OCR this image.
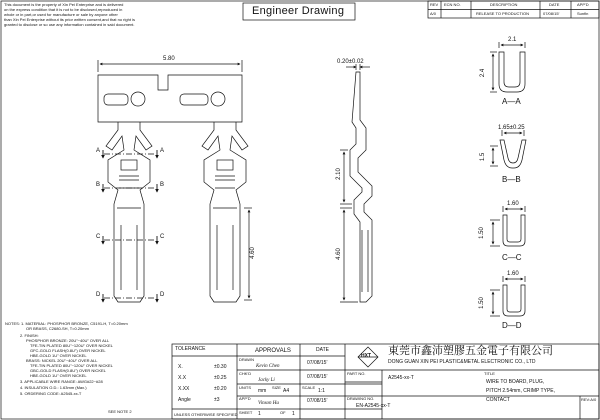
This document is the property of Xin Pei Enterprise and is delivered
on the express condition that it is not to be disclosed,reproduced in
whole or in part,or used for manufacture or sale by anyone other
than Xin Pei Enterprise without its prior written consent,and that no right is
granted to disclose or so use any information contained in said document.
Engineer Drawing
REV ECN NO.	DESCRIPTION	DATE	APP'D
A/0	RELEASE TO PRODUCTION	07/08/15'	Sunfin
5.80	0.20±0.02
2.10
4.60
4.60
A	A
B	B
C	C
D	D
2.1
2.4
A—A
1.65±0.25
1.5
B—B
1.60
1.50
C—C
1.60
1.50
D—D
NOTES: 1. MATERIAL: PHOSPHOR BRONZE, C5191-H, T=0.20mm
OR BRASS, C2680-SH, T=0.20mm
2. FINISH:
PHOSPHOR BRONZE: 20U"~40U" OVER ALL
TFE-TIN PLATED 80U"~120U" OVER NICKEL
GFC-GOLD FLASH(0.8U") OVER NICKEL
HBE-GOLD 1U" OVER NICKEL
BRASS: NICKEL 20U"~40U" OVER ALL
TFE-TIN PLATED 80U"~120U" OVER NICKEL
GBC-GOLD FLASH(0.8U") OVER NICKEL
HBE-GOLD 1U" OVER NICKEL
3. APPLICABLE WIRE RANGE: AWG#22~#28
4. INSULATION O.D.: 1.63mm (Max.)
5. ORDERING CODE: A2545-xx-T
SEE NOTE 2
TOLERANCE
X.	±0.30
X.X	±0.25
X.XX	±0.20
Angle	±3
UNLESS OTHERWISE SPECIFIED
APPROVALS	DATE
DRAWN
Kevin Chen
07/08/15'
CHK'D
Jacky Li
07/08/15'
APP'D
Vinson Hu	07/08/15'
UNITS
mm
SIZE
A4
SCALE
1:1
SHEET 1	OF 1
HXT 東莞市鑫沛塑膠五金電子有限公司
DONG GUAN XIN PEI PLASTIC&METAL ELECTRONIC CO., LTD
PART NO.
A2545-xx-T
DRAWING NO.
EN-A2545-xx-T
TITLE
WIRE TO BOARD, PLUG,
PITCH 2.54mm, CRIMP TYPE,
CONTACT	REV:A/0
